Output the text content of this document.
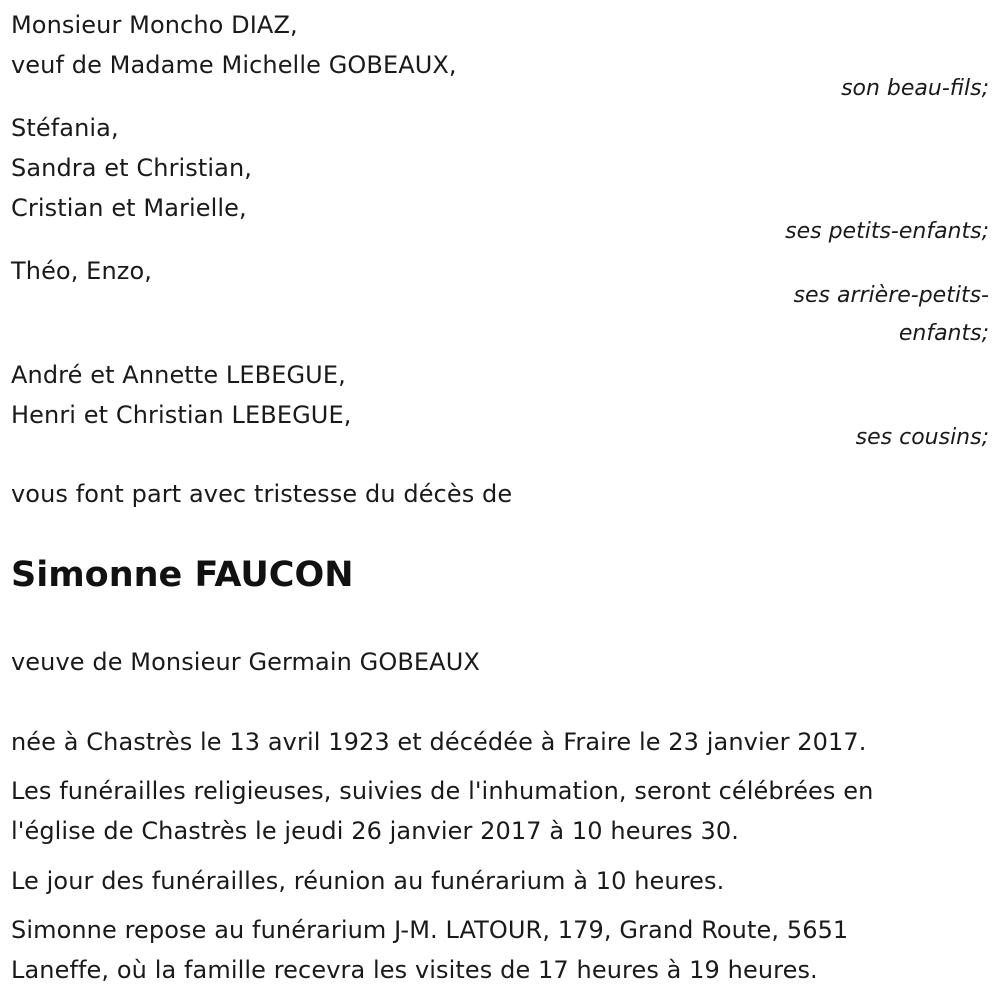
Monsieur Moncho DIAZ,
veuf de Madame Michelle GOBEAUX,
son beau-fils;
Stéfania,
Sandra et Christian,
Cristian et Marielle,
ses petits-enfants;
Théo, Enzo,
ses arrière-petits-
enfants;
André et Annette LEBEGUE,
Henri et Christian LEBEGUE,
ses cousins;
vous font part avec tristesse du décès de
Simonne FAUCON
veuve de Monsieur Germain GOBEAUX
née à Chastrès le 13 avril 1923 et décédée à Fraire le 23 janvier 2017.
Les funérailles religieuses, suivies de l'inhumation, seront célébrées en
l'église de Chastrès le jeudi 26 janvier 2017 à 10 heures 30.
Le jour des funérailles, réunion au funérarium à 10 heures.
Simonne repose au funérarium J-M. LATOUR, 179, Grand Route, 5651
Laneffe, où la famille recevra les visites de 17 heures à 19 heures.
